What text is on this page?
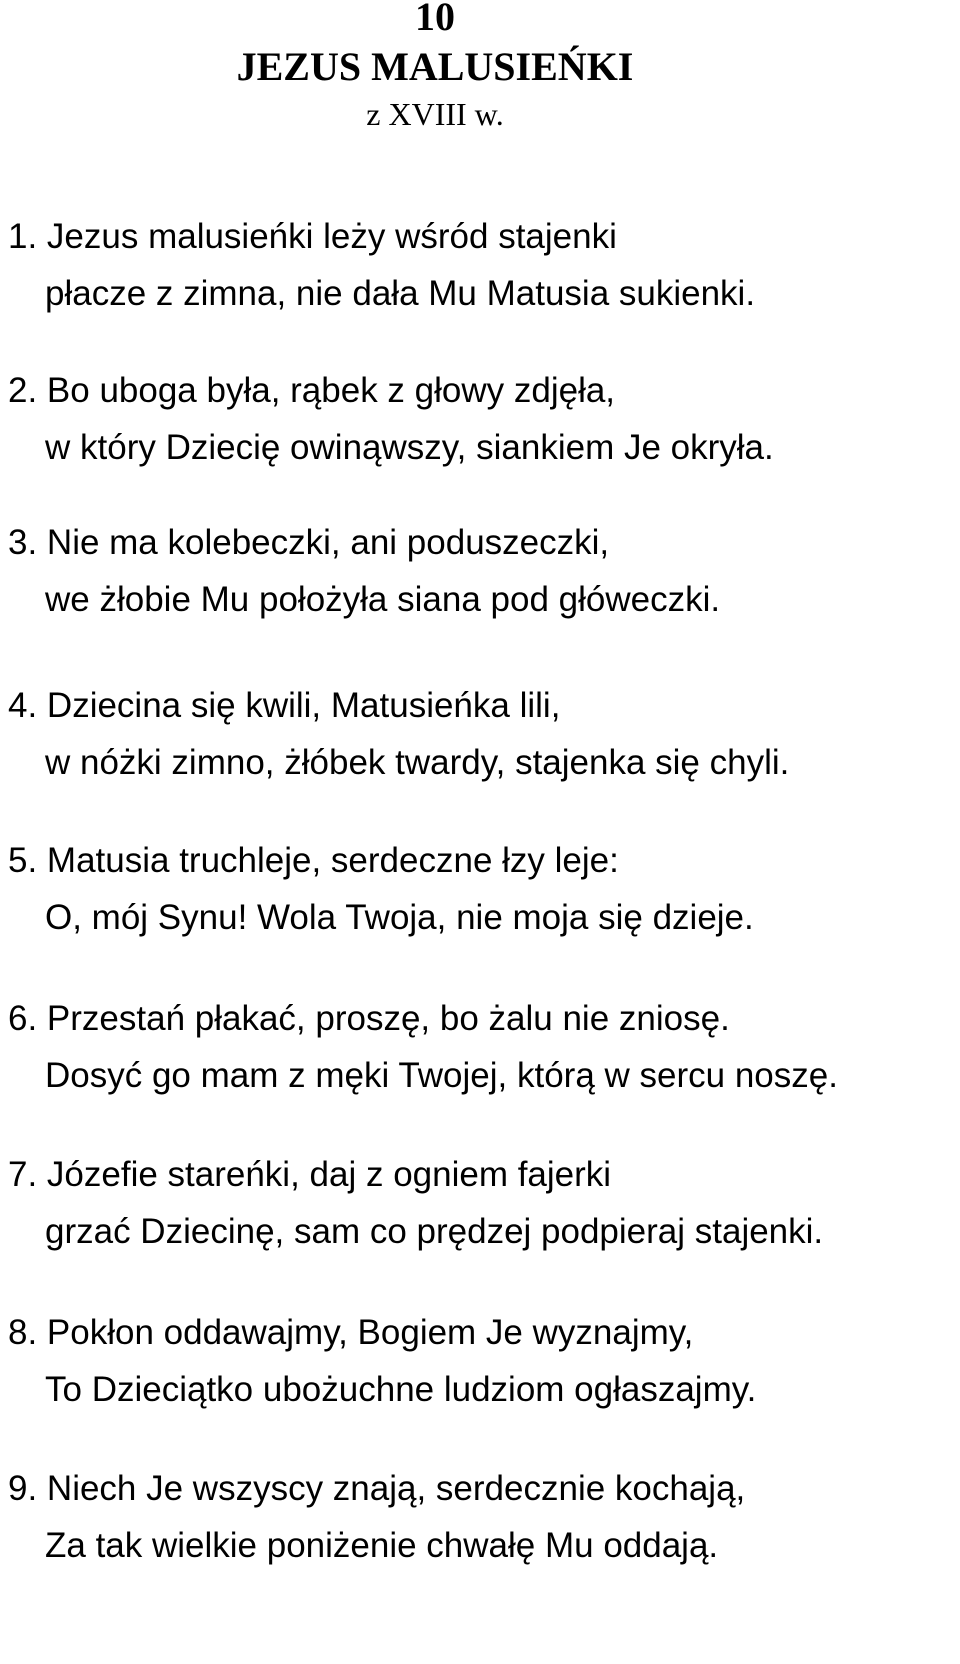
10
JEZUS MALUSIEŃKI
z XVIII w.
1. Jezus malusieńki leży wśród stajenki
płacze z zimna, nie dała Mu Matusia sukienki.
2. Bo uboga była, rąbek z głowy zdjęła,
w który Dziecię owinąwszy, siankiem Je okryła.
3. Nie ma kolebeczki, ani poduszeczki,
we żłobie Mu położyła siana pod główeczki.
4. Dziecina się kwili, Matusieńka lili,
w nóżki zimno, żłóbek twardy, stajenka się chyli.
5. Matusia truchleje, serdeczne łzy leje:
O, mój Synu! Wola Twoja, nie moja się dzieje.
6. Przestań płakać, proszę, bo żalu nie zniosę.
Dosyć go mam z męki Twojej, którą w sercu noszę.
7. Józefie stareńki, daj z ogniem fajerki
grzać Dziecinę, sam co prędzej podpieraj stajenki.
8. Pokłon oddawajmy, Bogiem Je wyznajmy,
To Dzieciątko ubożuchne ludziom ogłaszajmy.
9. Niech Je wszyscy znają, serdecznie kochają,
Za tak wielkie poniżenie chwałę Mu oddają.
